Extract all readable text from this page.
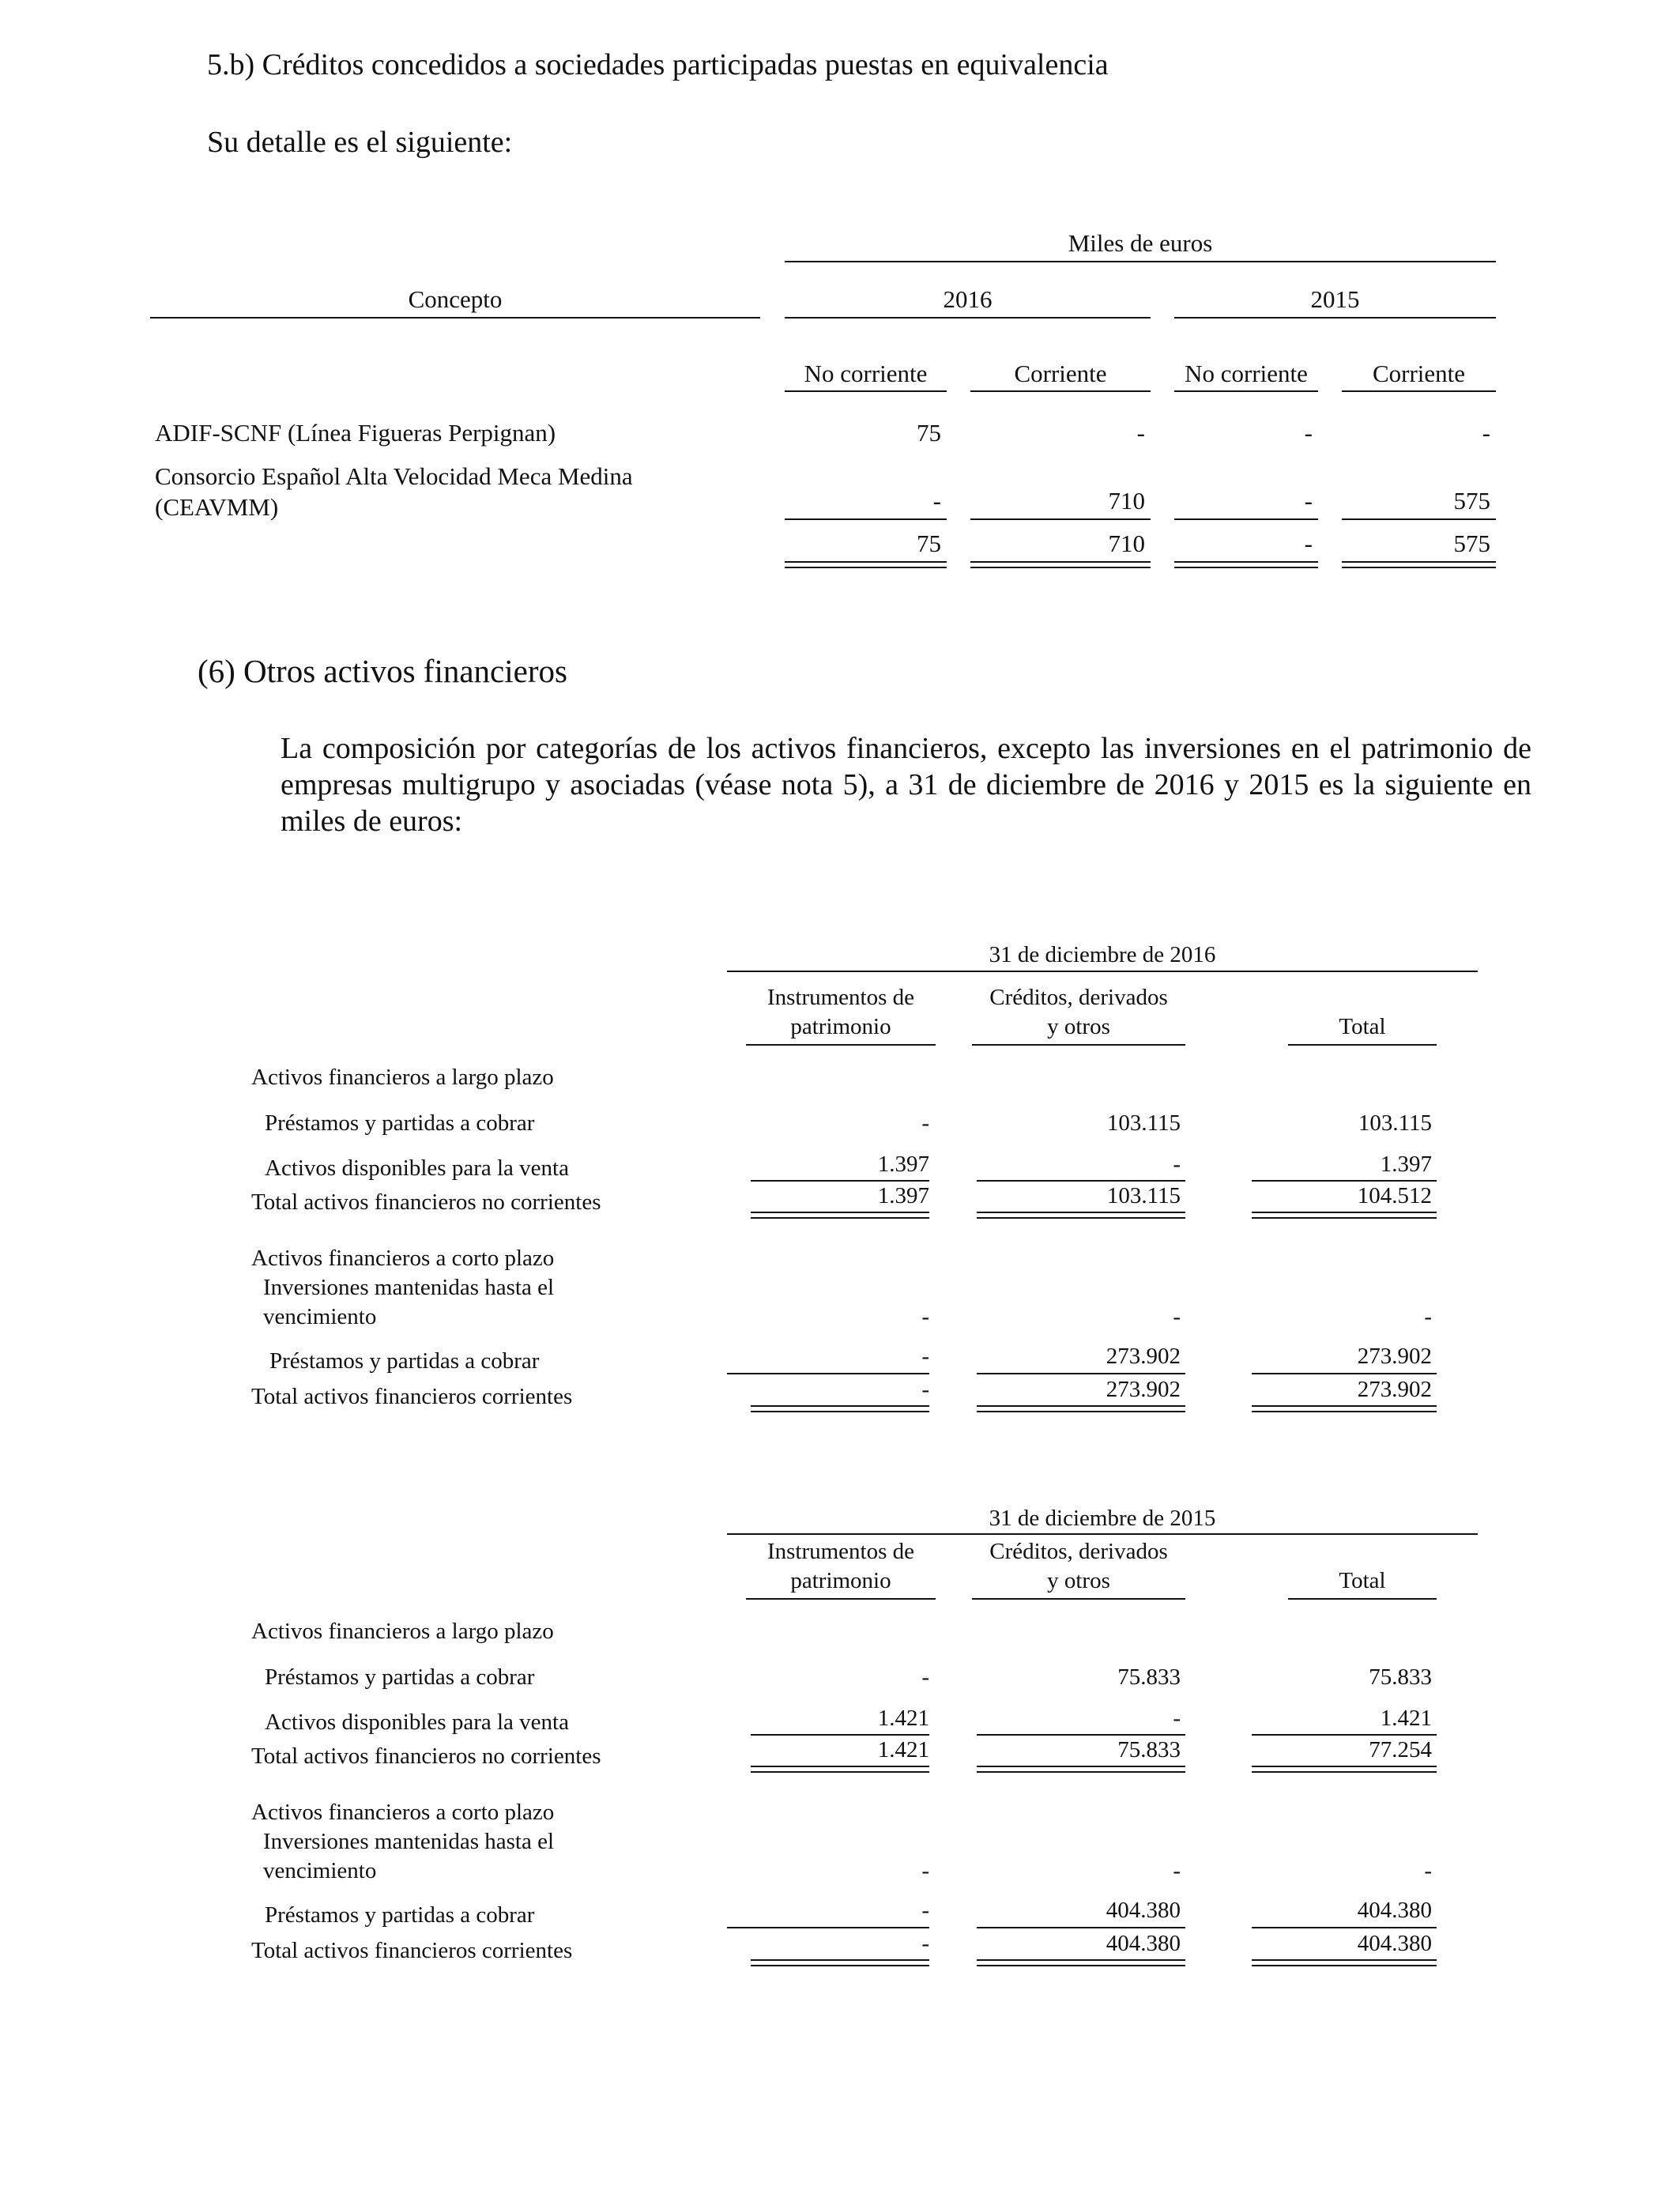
5.b) Créditos concedidos a sociedades participadas puestas en equivalencia
Su detalle es el siguiente:
Miles de euros
Concepto	2016	2015
No corriente	Corriente	No corriente	Corriente
ADIF-SCNF (Línea Figueras Perpignan)	75	-	-	-
Consorcio Español Alta Velocidad Meca Medina
(CEAVMM)	-	710	-	575
75	710	-	575
(6) Otros activos financieros
La composición por categorías de los activos financieros, excepto las inversiones en el patrimonio de empresas multigrupo y asociadas (véase nota 5), a 31 de diciembre de 2016 y 2015 es la siguiente en miles de euros:
31 de diciembre de 2016
Instrumentos de
patrimonio
Créditos, derivados
y otros	Total
Activos financieros a largo plazo
Préstamos y partidas a cobrar	-	103.115	103.115
Activos disponibles para la venta	1.397	-	1.397
Total activos financieros no corrientes	1.397	103.115	104.512
Activos financieros a corto plazo
Inversiones mantenidas hasta el
vencimiento	-	-	-
Préstamos y partidas a cobrar	-	273.902	273.902
Total activos financieros corrientes	-	273.902	273.902
31 de diciembre de 2015
Instrumentos de
patrimonio
Créditos, derivados
y otros	Total
Activos financieros a largo plazo
Préstamos y partidas a cobrar	-	75.833	75.833
Activos disponibles para la venta	1.421	-	1.421
Total activos financieros no corrientes	1.421	75.833	77.254
Activos financieros a corto plazo
Inversiones mantenidas hasta el
vencimiento	-	-	-
Préstamos y partidas a cobrar	-	404.380	404.380
Total activos financieros corrientes	-	404.380	404.380
